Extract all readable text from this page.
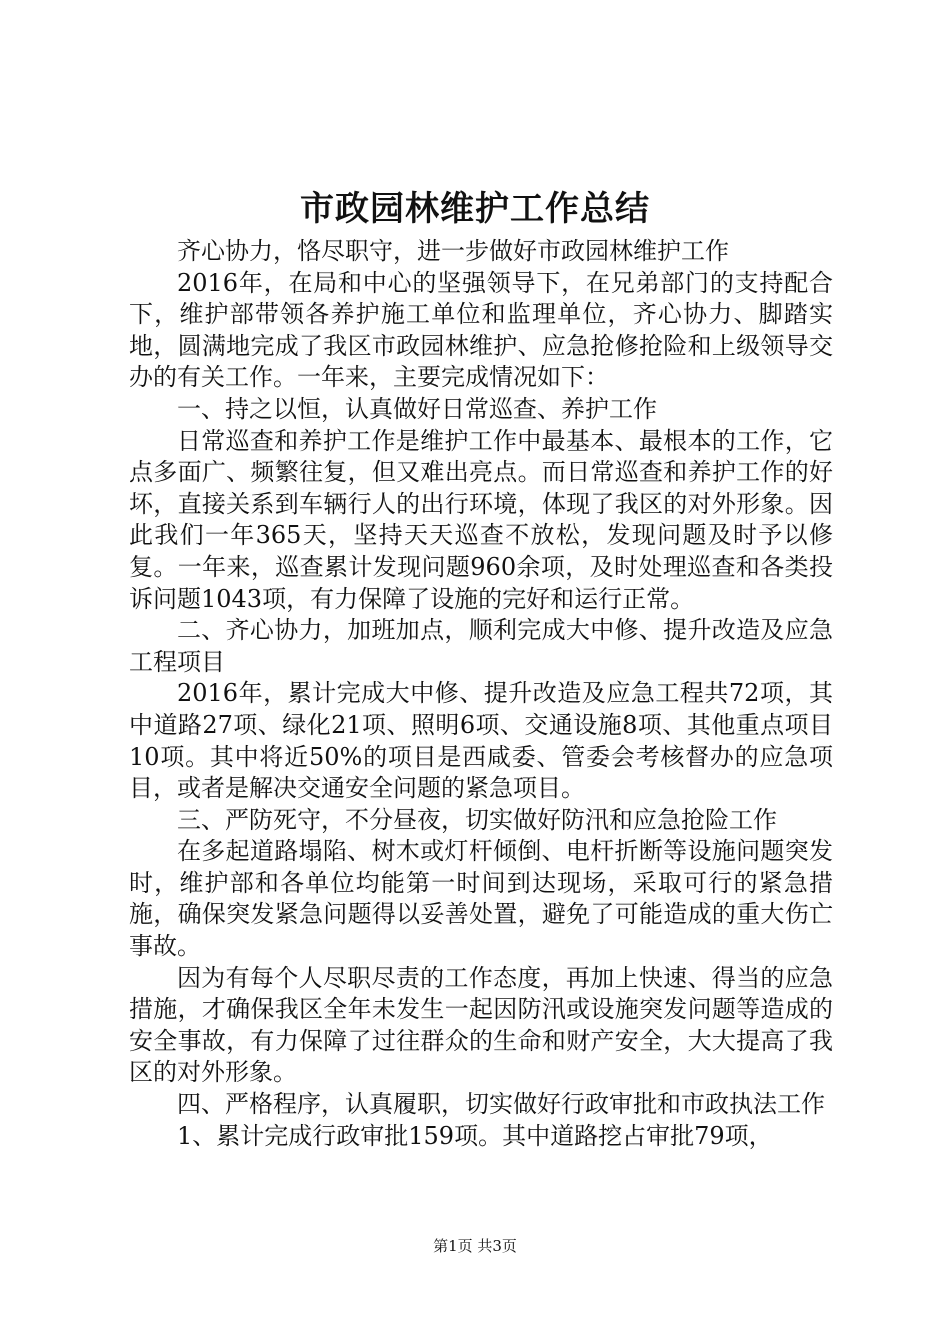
市政园林维护工作总结

齐心协力，恪尽职守，进一步做好市政园林维护工作

2016年，在局和中心的坚强领导下，在兄弟部门的支持配合下，维护部带领各养护施工单位和监理单位，齐心协力、脚踏实地，圆满地完成了我区市政园林维护、应急抢修抢险和上级领导交办的有关工作。一年来，主要完成情况如下：

一、持之以恒，认真做好日常巡查、养护工作

日常巡查和养护工作是维护工作中最基本、最根本的工作，它点多面广、频繁往复，但又难出亮点。而日常巡查和养护工作的好坏，直接关系到车辆行人的出行环境，体现了我区的对外形象。因此我们一年365天，坚持天天巡查不放松，发现问题及时予以修复。一年来，巡查累计发现问题960余项，及时处理巡查和各类投诉问题1043项，有力保障了设施的完好和运行正常。

二、齐心协力，加班加点，顺利完成大中修、提升改造及应急工程项目

2016年，累计完成大中修、提升改造及应急工程共72项，其中道路27项、绿化21项、照明6项、交通设施8项、其他重点项目10项。其中将近50%的项目是西咸委、管委会考核督办的应急项目，或者是解决交通安全问题的紧急项目。

三、严防死守，不分昼夜，切实做好防汛和应急抢险工作

在多起道路塌陷、树木或灯杆倾倒、电杆折断等设施问题突发时，维护部和各单位均能第一时间到达现场，采取可行的紧急措施，确保突发紧急问题得以妥善处置，避免了可能造成的重大伤亡事故。

因为有每个人尽职尽责的工作态度，再加上快速、得当的应急措施，才确保我区全年未发生一起因防汛或设施突发问题等造成的安全事故，有力保障了过往群众的生命和财产安全，大大提高了我区的对外形象。

四、严格程序，认真履职，切实做好行政审批和市政执法工作

1、累计完成行政审批159项。其中道路挖占审批79项，

第1页 共3页
